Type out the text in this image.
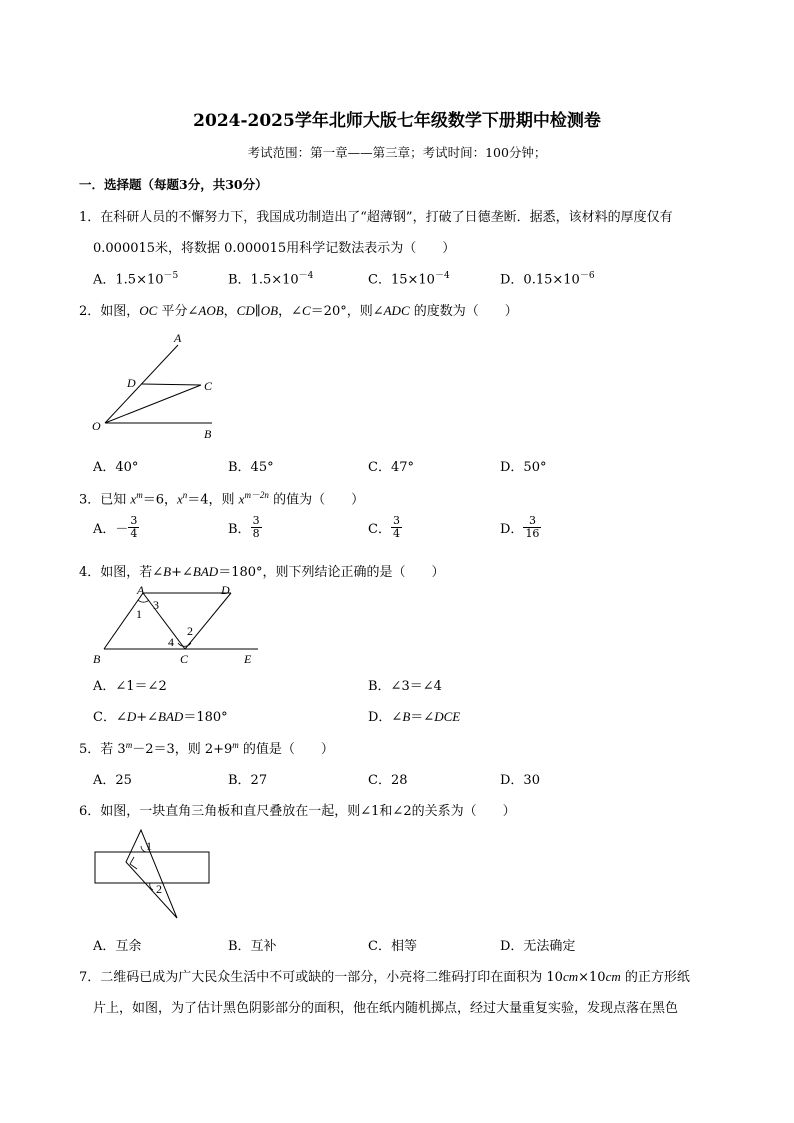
2024-2025学年北师大版七年级数学下册期中检测卷
考试范围：第一章——第三章；考试时间：100分钟；
一．选择题（每题3分，共30分）
1．在科研人员的不懈努力下，我国成功制造出了“超薄钢”，打破了日德垄断．据悉，该材料的厚度仅有
0.000015米，将数据 0.000015用科学记数法表示为（　　）
A．$1.5\times 10^{-5}$	B．$1.5\times 10^{-4}$	C．$15\times 10^{-4}$	D．$0.15\times 10^{-6}$
2．如图，OC 平分∠AOB，CD∥OB，∠C＝20°，则∠ADC 的度数为（　　）
A
D	C
O
B
A．40°	B．45°	C．47°	D．50°
3．已知 $x^m=6$，$x^n=4$，则 $x^{m-2n}$ 的值为（　　）
A．－ $\frac{3}{4}$	B． $\frac{3}{8}$	C． $\frac{3}{4}$	D． $\frac{3}{16}$
4．如图，若∠B+∠BAD＝180°，则下列结论正确的是（　　）
A	D
B	C	E
1
2
3
4
A．∠1＝∠2	B．∠3＝∠4
C．∠D+∠BAD＝180°	D．∠B＝∠DCE
5．若 $3^m-2=3$，则 $2+9^m$ 的值是（　　）
A．25	B．27	C．28	D．30
6．如图，一块直角三角板和直尺叠放在一起，则∠1和∠2的关系为（　　）
1
2
A．互余	B．互补	C．相等	D．无法确定
7．二维码已成为广大民众生活中不可或缺的一部分，小亮将二维码打印在面积为 10cm×10cm 的正方形纸
片上，如图，为了估计黑色阴影部分的面积，他在纸内随机掷点，经过大量重复实验，发现点落在黑色
